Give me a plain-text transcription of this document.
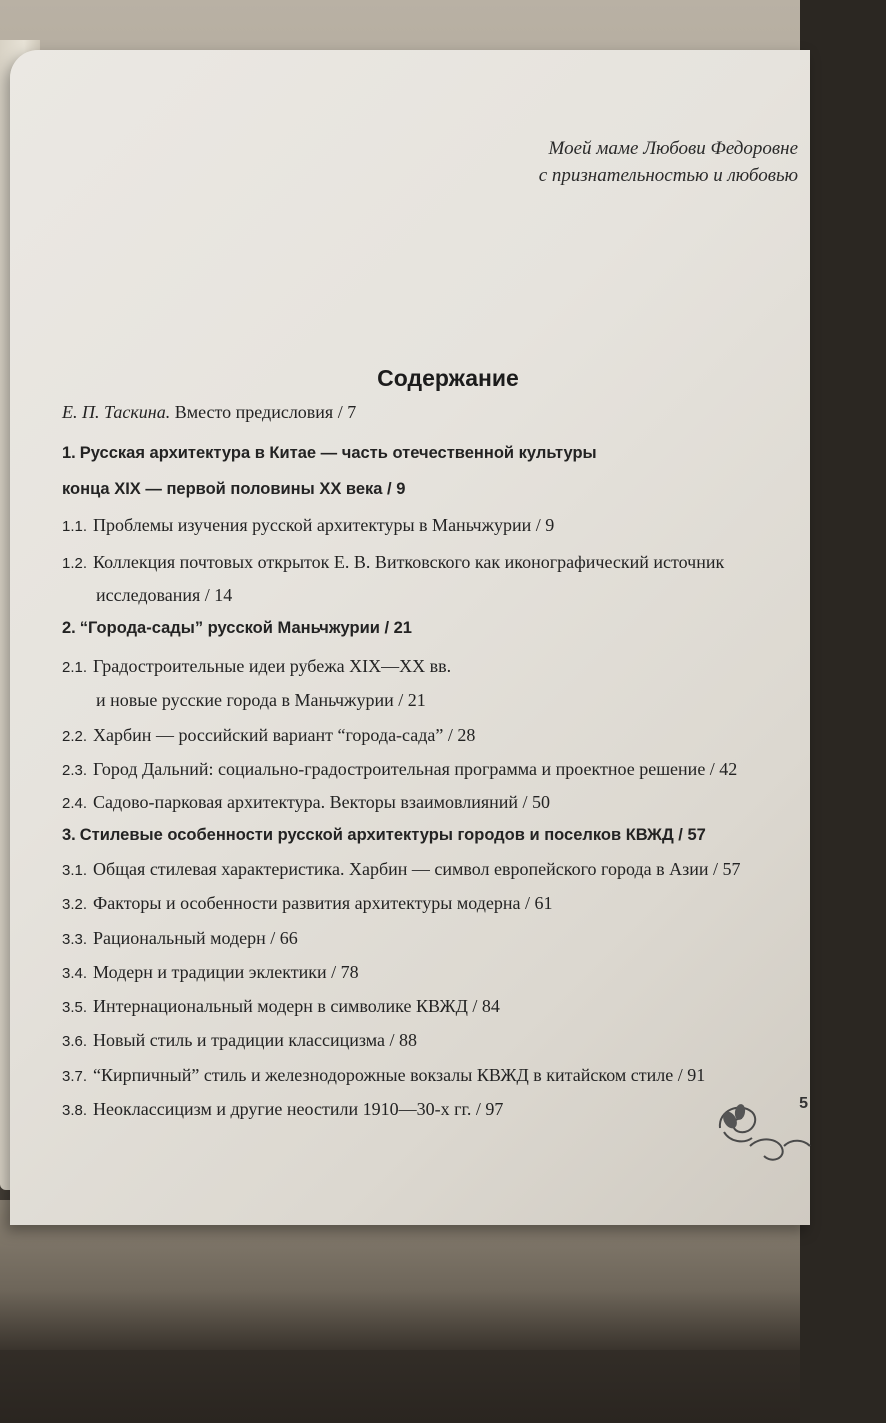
Моей маме Любови Федоровне
с признательностью и любовью
Содержание
Е. П. Таскина. Вместо предисловия / 7
1. Русская архитектура в Китае — часть отечественной культуры
конца XIX — первой половины XX века / 9
1.1. Проблемы изучения русской архитектуры в Маньчжурии / 9
1.2. Коллекция почтовых открыток Е. В. Витковского как иконографический источник
исследования / 14
2. “Города-сады” русской Маньчжурии / 21
2.1. Градостроительные идеи рубежа XIX—XX вв.
и новые русские города в Маньчжурии / 21
2.2. Харбин — российский вариант “города-сада” / 28
2.3. Город Дальний: социально-градостроительная программа и проектное решение / 42
2.4. Садово-парковая архитектура. Векторы взаимовлияний / 50
3. Стилевые особенности русской архитектуры городов и поселков КВЖД / 57
3.1. Общая стилевая характеристика. Харбин — символ европейского города в Азии / 57
3.2. Факторы и особенности развития архитектуры модерна / 61
3.3. Рациональный модерн / 66
3.4. Модерн и традиции эклектики / 78
3.5. Интернациональный модерн в символике КВЖД / 84
3.6. Новый стиль и традиции классицизма / 88
3.7. “Кирпичный” стиль и железнодорожные вокзалы КВЖД в китайском стиле / 91
3.8. Неоклассицизм и другие неостили 1910—30-х гг. / 97	5
